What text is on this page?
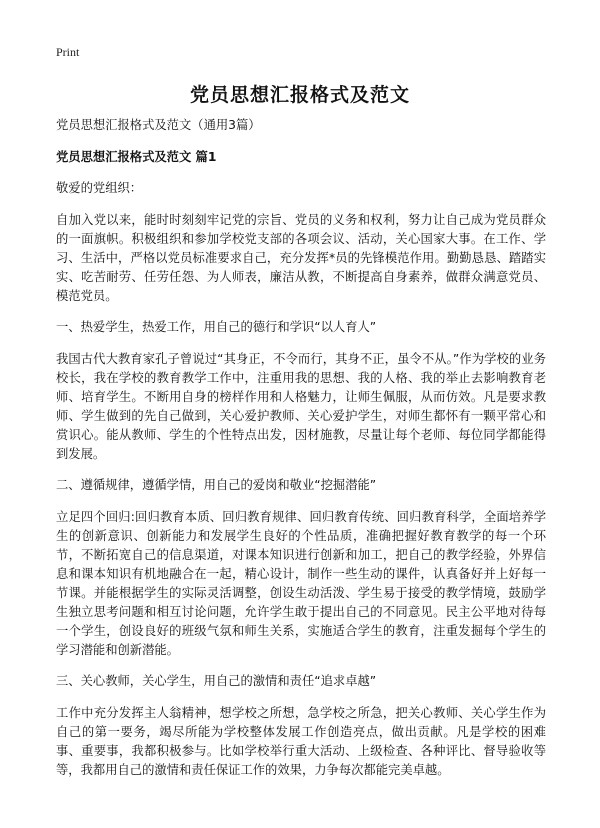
Print
党员思想汇报格式及范文

党员思想汇报格式及范文（通用3篇）

党员思想汇报格式及范文 篇1

敬爱的党组织：

自加入党以来，能时时刻刻牢记党的宗旨、党员的义务和权利，努力让自己成为党员群众的一面旗帜。积极组织和参加学校党支部的各项会议、活动，关心国家大事。在工作、学习、生活中，严格以党员标准要求自己，充分发挥*员的先锋模范作用。勤勤恳恳、踏踏实实、吃苦耐劳、任劳任怨、为人师表，廉洁从教，不断提高自身素养，做群众满意党员、模范党员。

一、热爱学生，热爱工作，用自己的德行和学识“以人育人”

我国古代大教育家孔子曾说过“其身正，不令而行，其身不正，虽令不从。”作为学校的业务校长，我在学校的教育教学工作中，注重用我的思想、我的人格、我的举止去影响教育老师、培育学生。不断用自身的榜样作用和人格魅力，让师生佩服，从而仿效。凡是要求教师、学生做到的先自己做到，关心爱护教师、关心爱护学生，对师生都怀有一颗平常心和赏识心。能从教师、学生的个性特点出发，因材施教，尽量让每个老师、每位同学都能得到发展。

二、遵循规律，遵循学情，用自己的爱岗和敬业“挖掘潜能”

立足四个回归:回归教育本质、回归教育规律、回归教育传统、回归教育科学，全面培养学生的创新意识、创新能力和发展学生良好的个性品质，准确把握好教育教学的每一个环节，不断拓宽自己的信息渠道，对课本知识进行创新和加工，把自己的教学经验，外界信息和课本知识有机地融合在一起，精心设计，制作一些生动的课件，认真备好并上好每一节课。并能根据学生的实际灵活调整，创设生动活泼、学生易于接受的教学情境，鼓励学生独立思考问题和相互讨论问题，允许学生敢于提出自己的不同意见。民主公平地对待每一个学生，创设良好的班级气氛和师生关系，实施适合学生的教育，注重发掘每个学生的学习潜能和创新潜能。

三、关心教师，关心学生，用自己的激情和责任“追求卓越”

工作中充分发挥主人翁精神，想学校之所想，急学校之所急，把关心教师、关心学生作为自己的第一要务，竭尽所能为学校整体发展工作创造亮点，做出贡献。凡是学校的困难事、重要事，我都积极参与。比如学校举行重大活动、上级检查、各种评比、督导验收等等，我都用自己的激情和责任保证工作的效果，力争每次都能完美卓越。
